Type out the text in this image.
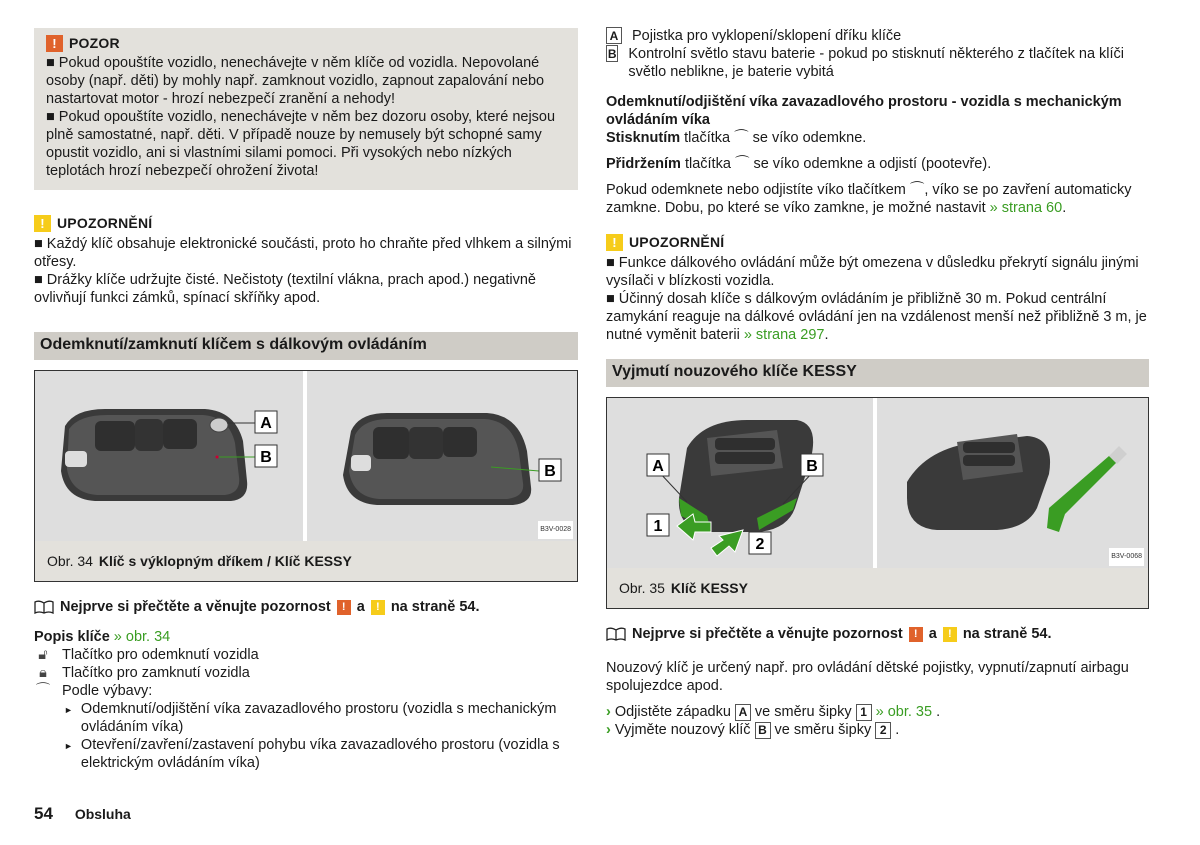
! POZOR
■ Pokud opouštíte vozidlo, nenechávejte v něm klíče od vozidla. Nepovolané osoby (např. děti) by mohly např. zamknout vozidlo, zapnout zapalování nebo nastartovat motor - hrozí nebezpečí zranění a nehody!
■ Pokud opouštíte vozidlo, nenechávejte v něm bez dozoru osoby, které nejsou plně samostatné, např. děti. V případě nouze by nemusely být schopné samy opustit vozidlo, ani si vlastními silami pomoci. Při vysokých nebo nízkých teplotách hrozí nebezpečí ohrožení života!
! UPOZORNĚNÍ
■ Každý klíč obsahuje elektronické součásti, proto ho chraňte před vlhkem a silnými otřesy.
■ Drážky klíče udržujte čisté. Nečistoty (textilní vlákna, prach apod.) negativně ovlivňují funkci zámků, spínací skříňky apod.
Odemknutí/zamknutí klíčem s dálkovým ovládáním
A
B
B
B3V-0028
Obr. 34 Klíč s výklopným dříkem / Klíč KESSY
Nejprve si přečtěte a věnujte pozornost	! a	! na straně 54.
Popis klíče » obr. 34
🔓︎ Tlačítko pro odemknutí vozidla
🔒︎	Tlačítko pro zamknutí vozidla
⌒ Podle výbavy:
► Odemknutí/odjištění víka zavazadlového prostoru (vozidla s mechanickým ovládáním víka)
► Otevření/zavření/zastavení pohybu víka zavazadlového prostoru (vozidla s elektrickým ovládáním víka)
A Pojistka pro vyklopení/sklopení dříku klíče
B Kontrolní světlo stavu baterie - pokud po stisknutí některého z tlačítek na klíči světlo neblikne, je baterie vybitá
Odemknutí/odjištění víka zavazadlového prostoru - vozidla s mechanickým ovládáním víka
Stisknutím tlačítka ⌒ se víko odemkne.
Přidržením tlačítka ⌒ se víko odemkne a odjistí (pootevře).
Pokud odemknete nebo odjistíte víko tlačítkem ⌒, víko se po zavření automaticky zamkne. Dobu, po které se víko zamkne, je možné nastavit » strana 60.
! UPOZORNĚNÍ
■ Funkce dálkového ovládání může být omezena v důsledku překrytí signálu jinými vysílači v blízkosti vozidla.
■ Účinný dosah klíče s dálkovým ovládáním je přibližně 30 m. Pokud centrální zamykání reaguje na dálkové ovládání jen na vzdálenost menší než přibližně 3 m, je nutné vyměnit baterii » strana 297.
Vyjmutí nouzového klíče KESSY
A	B
1
2
B3V-0068
Obr. 35 Klíč KESSY
Nejprve si přečtěte a věnujte pozornost	! a	! na straně 54.
Nouzový klíč je určený např. pro ovládání dětské pojistky, vypnutí/zapnutí airbagu spolujezdce apod.
› Odjistěte západku A ve směru šipky 1 » obr. 35 .
› Vyjměte nouzový klíč B ve směru šipky 2 .
54 Obsluha
